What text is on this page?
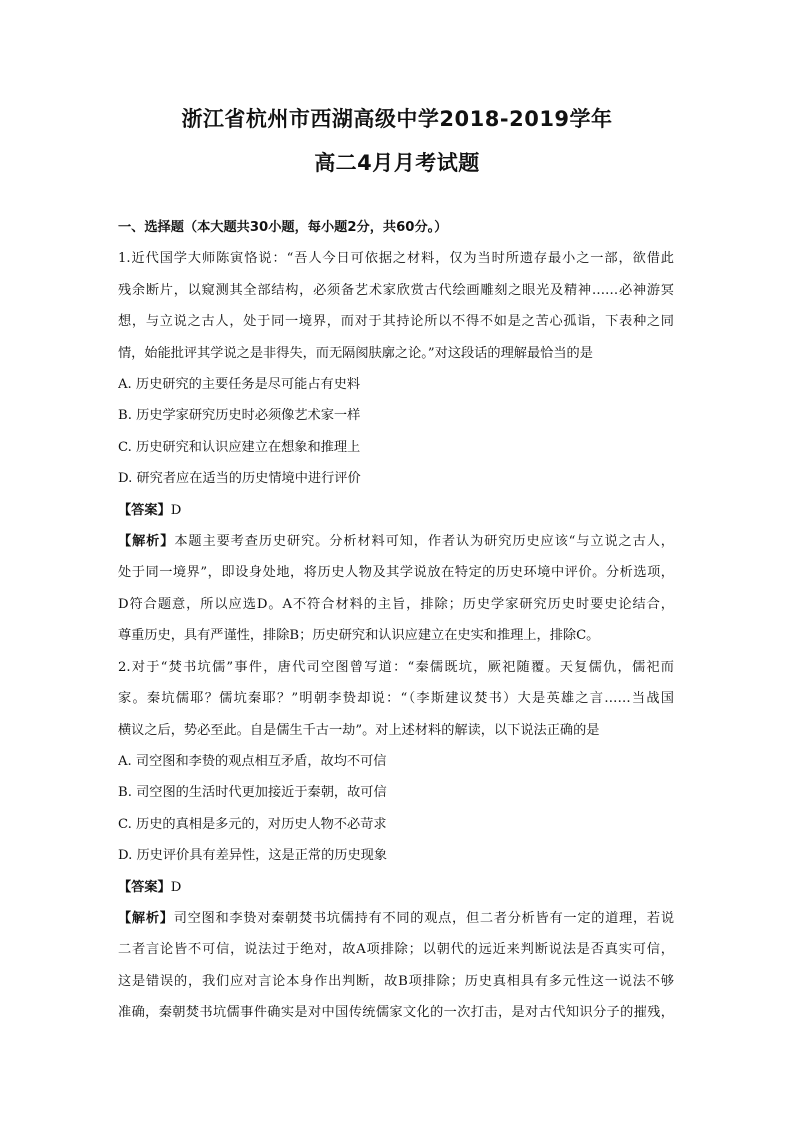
浙江省杭州市西湖高级中学2018-2019学年
高二4月月考试题
一、选择题（本大题共30小题，每小题2分，共60分。）
1.近代国学大师陈寅恪说：“吾人今日可依据之材料，仅为当时所遗存最小之一部，欲借此
残余断片，以窥测其全部结构，必须备艺术家欣赏古代绘画雕刻之眼光及精神……必神游冥
想，与立说之古人，处于同一境界，而对于其持论所以不得不如是之苦心孤诣，下表种之同
情，始能批评其学说之是非得失，而无隔阂肤廓之论。”对这段话的理解最恰当的是
A. 历史研究的主要任务是尽可能占有史料
B. 历史学家研究历史时必须像艺术家一样
C. 历史研究和认识应建立在想象和推理上
D. 研究者应在适当的历史情境中进行评价
【答案】D
【解析】本题主要考查历史研究。分析材料可知，作者认为研究历史应该“与立说之古人，
处于同一境界”，即设身处地，将历史人物及其学说放在特定的历史环境中评价。分析选项，
D符合题意，所以应选D。A不符合材料的主旨，排除；历史学家研究历史时要史论结合，
尊重历史，具有严谨性，排除B；历史研究和认识应建立在史实和推理上，排除C。
2.对于“焚书坑儒”事件，唐代司空图曾写道：“秦儒既坑，厥祀随覆。天复儒仇，儒祀而
家。秦坑儒耶？儒坑秦耶？”明朝李贽却说：“（李斯建议焚书）大是英雄之言……当战国
横议之后，势必至此。自是儒生千古一劫”。对上述材料的解读，以下说法正确的是
A. 司空图和李贽的观点相互矛盾，故均不可信
B. 司空图的生活时代更加接近于秦朝，故可信
C. 历史的真相是多元的，对历史人物不必苛求
D. 历史评价具有差异性，这是正常的历史现象
【答案】D
【解析】司空图和李贽对秦朝焚书坑儒持有不同的观点，但二者分析皆有一定的道理，若说
二者言论皆不可信，说法过于绝对，故A项排除；以朝代的远近来判断说法是否真实可信，
这是错误的，我们应对言论本身作出判断，故B项排除；历史真相具有多元性这一说法不够
准确，秦朝焚书坑儒事件确实是对中国传统儒家文化的一次打击，是对古代知识分子的摧残，
